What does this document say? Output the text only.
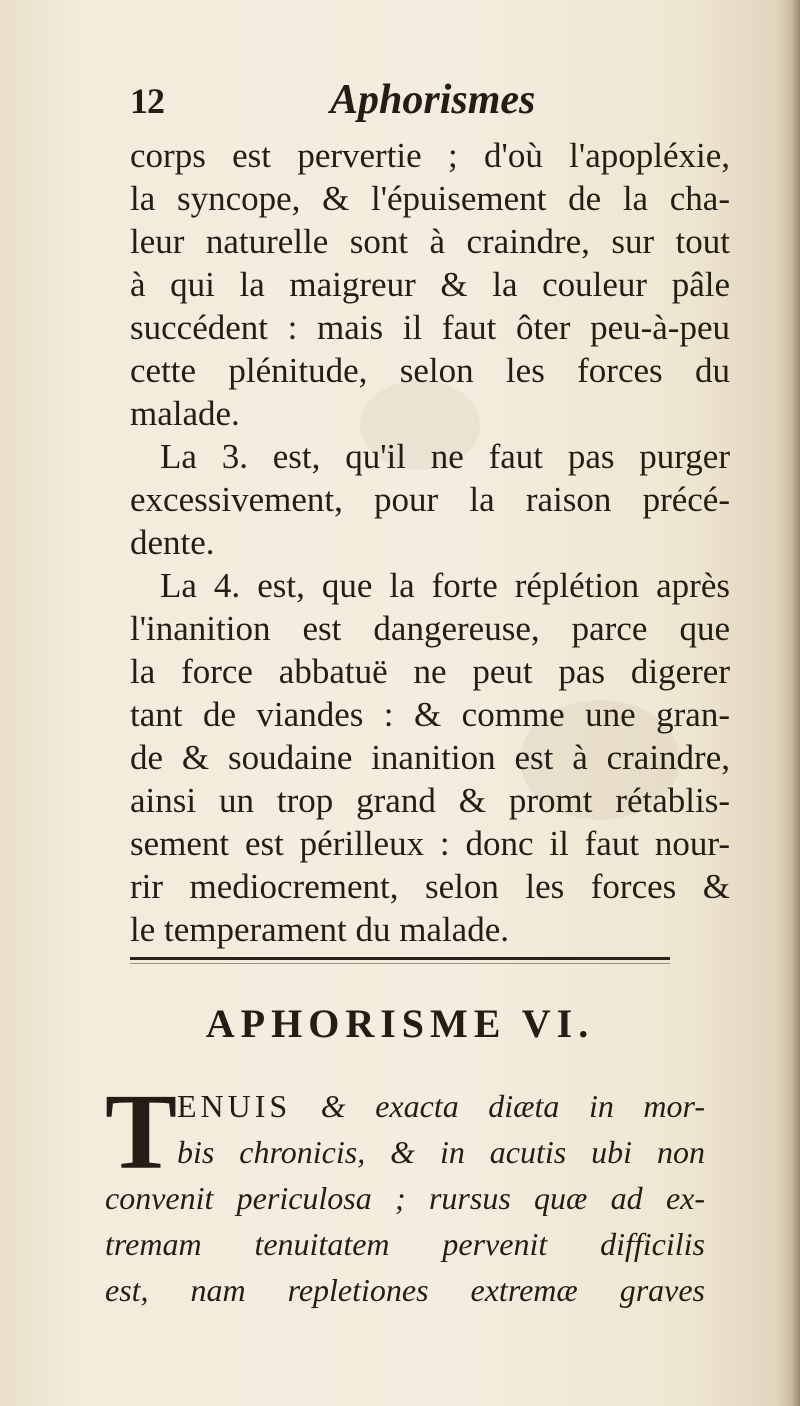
12	Aphorismes
corps est pervertie ; d'où l'apopléxie,
la syncope, & l'épuisement de la cha-
leur naturelle sont à craindre, sur tout
à qui la maigreur & la couleur pâle
succédent : mais il faut ôter peu-à-peu
cette plénitude, selon les forces du
malade.
La 3. est, qu'il ne faut pas purger
excessivement, pour la raison précé-
dente.
La 4. est, que la forte réplétion après
l'inanition est dangereuse, parce que
la force abbatuë ne peut pas digerer
tant de viandes : & comme une gran-
de & soudaine inanition est à craindre,
ainsi un trop grand & promt rétablis-
sement est périlleux : donc il faut nour-
rir mediocrement, selon les forces &
le temperament du malade.
APHORISME VI.
T ENUIS & exacta diæta in mor-
bis chronicis, & in acutis ubi non
convenit periculosa ; rursus quæ ad ex-
tremam tenuitatem pervenit difficilis
est, nam repletiones extremæ graves
